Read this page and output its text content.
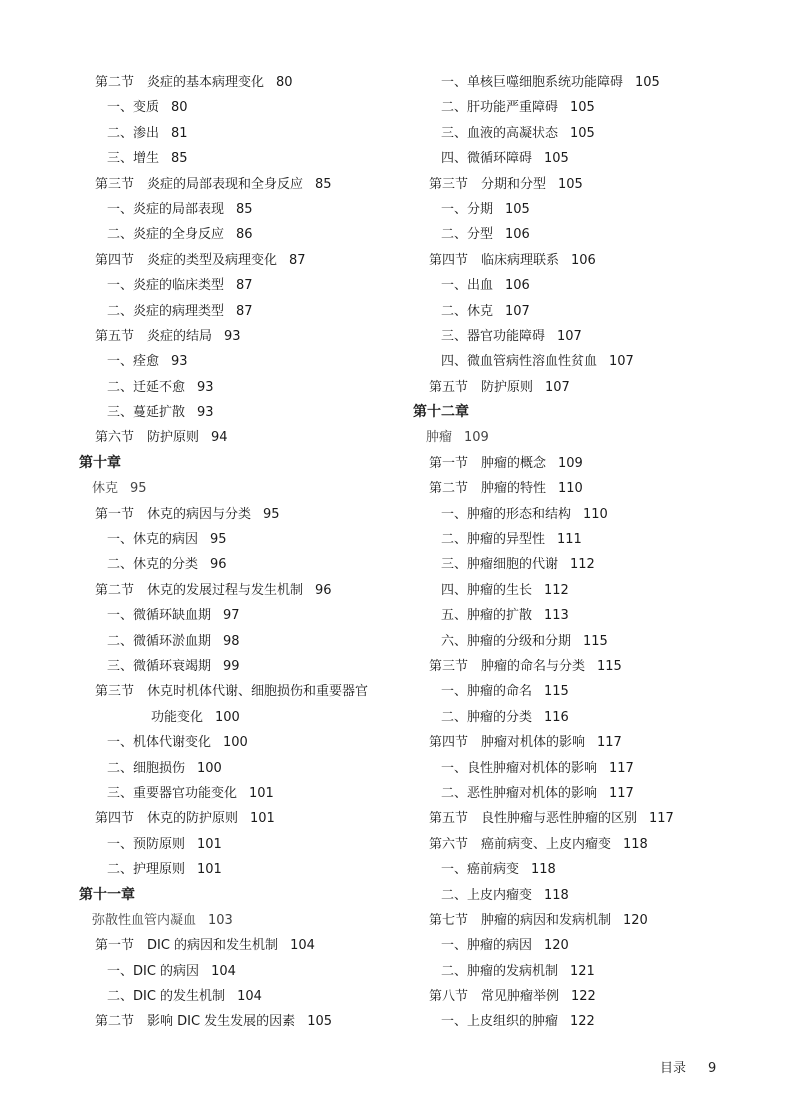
第二节　炎症的基本病理变化 80
一、变质 80
二、渗出 81
三、增生 85
第三节　炎症的局部表现和全身反应 85
一、炎症的局部表现 85
二、炎症的全身反应 86
第四节　炎症的类型及病理变化 87
一、炎症的临床类型 87
二、炎症的病理类型 87
第五节　炎症的结局 93
一、痊愈 93
二、迁延不愈 93
三、蔓延扩散 93
第六节　防护原则 94
第十章
休克 95
第一节　休克的病因与分类 95
一、休克的病因 95
二、休克的分类 96
第二节　休克的发展过程与发生机制 96
一、微循环缺血期 97
二、微循环淤血期 98
三、微循环衰竭期 99
第三节　休克时机体代谢、细胞损伤和重要器官
功能变化 100
一、机体代谢变化 100
二、细胞损伤 100
三、重要器官功能变化 101
第四节　休克的防护原则 101
一、预防原则 101
二、护理原则 101
第十一章
弥散性血管内凝血 103
第一节　DIC 的病因和发生机制 104
一、DIC 的病因 104
二、DIC 的发生机制 104
第二节　影响 DIC 发生发展的因素 105
一、单核巨噬细胞系统功能障碍 105
二、肝功能严重障碍 105
三、血液的高凝状态 105
四、微循环障碍 105
第三节　分期和分型 105
一、分期 105
二、分型 106
第四节　临床病理联系 106
一、出血 106
二、休克 107
三、器官功能障碍 107
四、微血管病性溶血性贫血 107
第五节　防护原则 107
第十二章
肿瘤 109
第一节　肿瘤的概念 109
第二节　肿瘤的特性 110
一、肿瘤的形态和结构 110
二、肿瘤的异型性 111
三、肿瘤细胞的代谢 112
四、肿瘤的生长 112
五、肿瘤的扩散 113
六、肿瘤的分级和分期 115
第三节　肿瘤的命名与分类 115
一、肿瘤的命名 115
二、肿瘤的分类 116
第四节　肿瘤对机体的影响 117
一、良性肿瘤对机体的影响 117
二、恶性肿瘤对机体的影响 117
第五节　良性肿瘤与恶性肿瘤的区别 117
第六节　癌前病变、上皮内瘤变 118
一、癌前病变 118
二、上皮内瘤变 118
第七节　肿瘤的病因和发病机制 120
一、肿瘤的病因 120
二、肿瘤的发病机制 121
第八节　常见肿瘤举例 122
一、上皮组织的肿瘤 122
目录 9
